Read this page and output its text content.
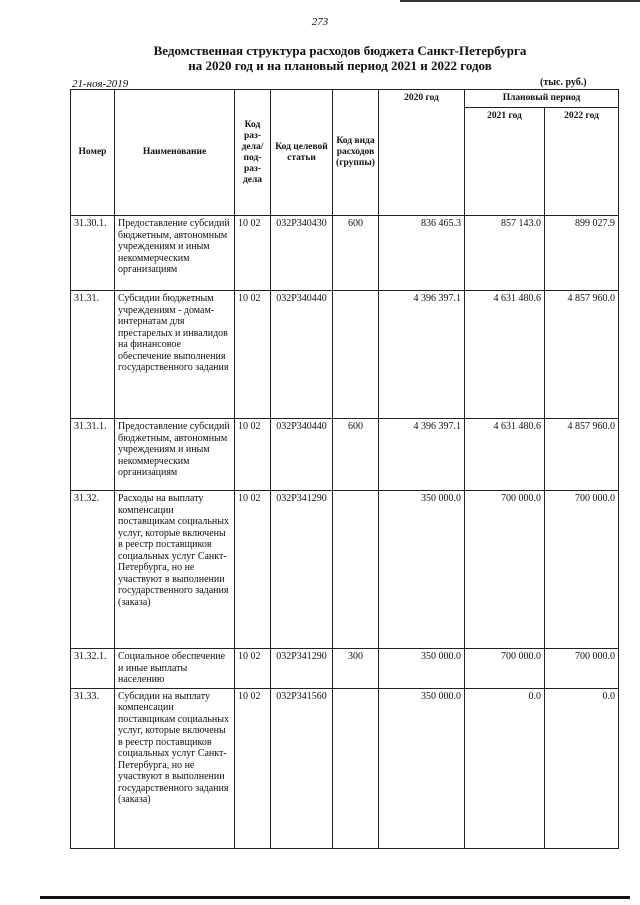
273
Ведомственная структура расходов бюджета Санкт-Петербурга
на 2020 год и на плановый период 2021 и 2022 годов
21-ноя-2019	(тыс. руб.)
Номер	Наименование	Код раз- дела/ под- раз- дела	Код целевой статьи	Код вида расходов (группы)	2020 год	Плановый период	
						2021 год	2022 год
31.30.1.	Предоставление субсидий бюджетным, автономным учреждениям и иным некоммерческим организациям	10 02	032Р340430	600	836 465.3	857 143.0	899 027.9
31.31.	Субсидии бюджетным учреждениям - домам-интернатам для престарелых и инвалидов на финансовое обеспечение выполнения государственного задания	10 02	032Р340440		4 396 397.1	4 631 480.6	4 857 960.0
31.31.1.	Предоставление субсидий бюджетным, автономным учреждениям и иным некоммерческим организациям	10 02	032Р340440	600	4 396 397.1	4 631 480.6	4 857 960.0
31.32.	Расходы на выплату компенсации поставщикам социальных услуг, которые включены в реестр поставщиков социальных услуг Санкт-Петербурга, но не участвуют в выполнении государственного задания (заказа)	10 02	032Р341290		350 000.0	700 000.0	700 000.0
31.32.1.	Социальное обеспечение и иные выплаты населению	10 02	032Р341290	300	350 000.0	700 000.0	700 000.0
31.33.	Субсидии на выплату компенсации поставщикам социальных услуг, которые включены в реестр поставщиков социальных услуг Санкт-Петербурга, но не участвуют в выполнении государственного задания (заказа)	10 02	032Р341560		350 000.0	0.0	0.0
